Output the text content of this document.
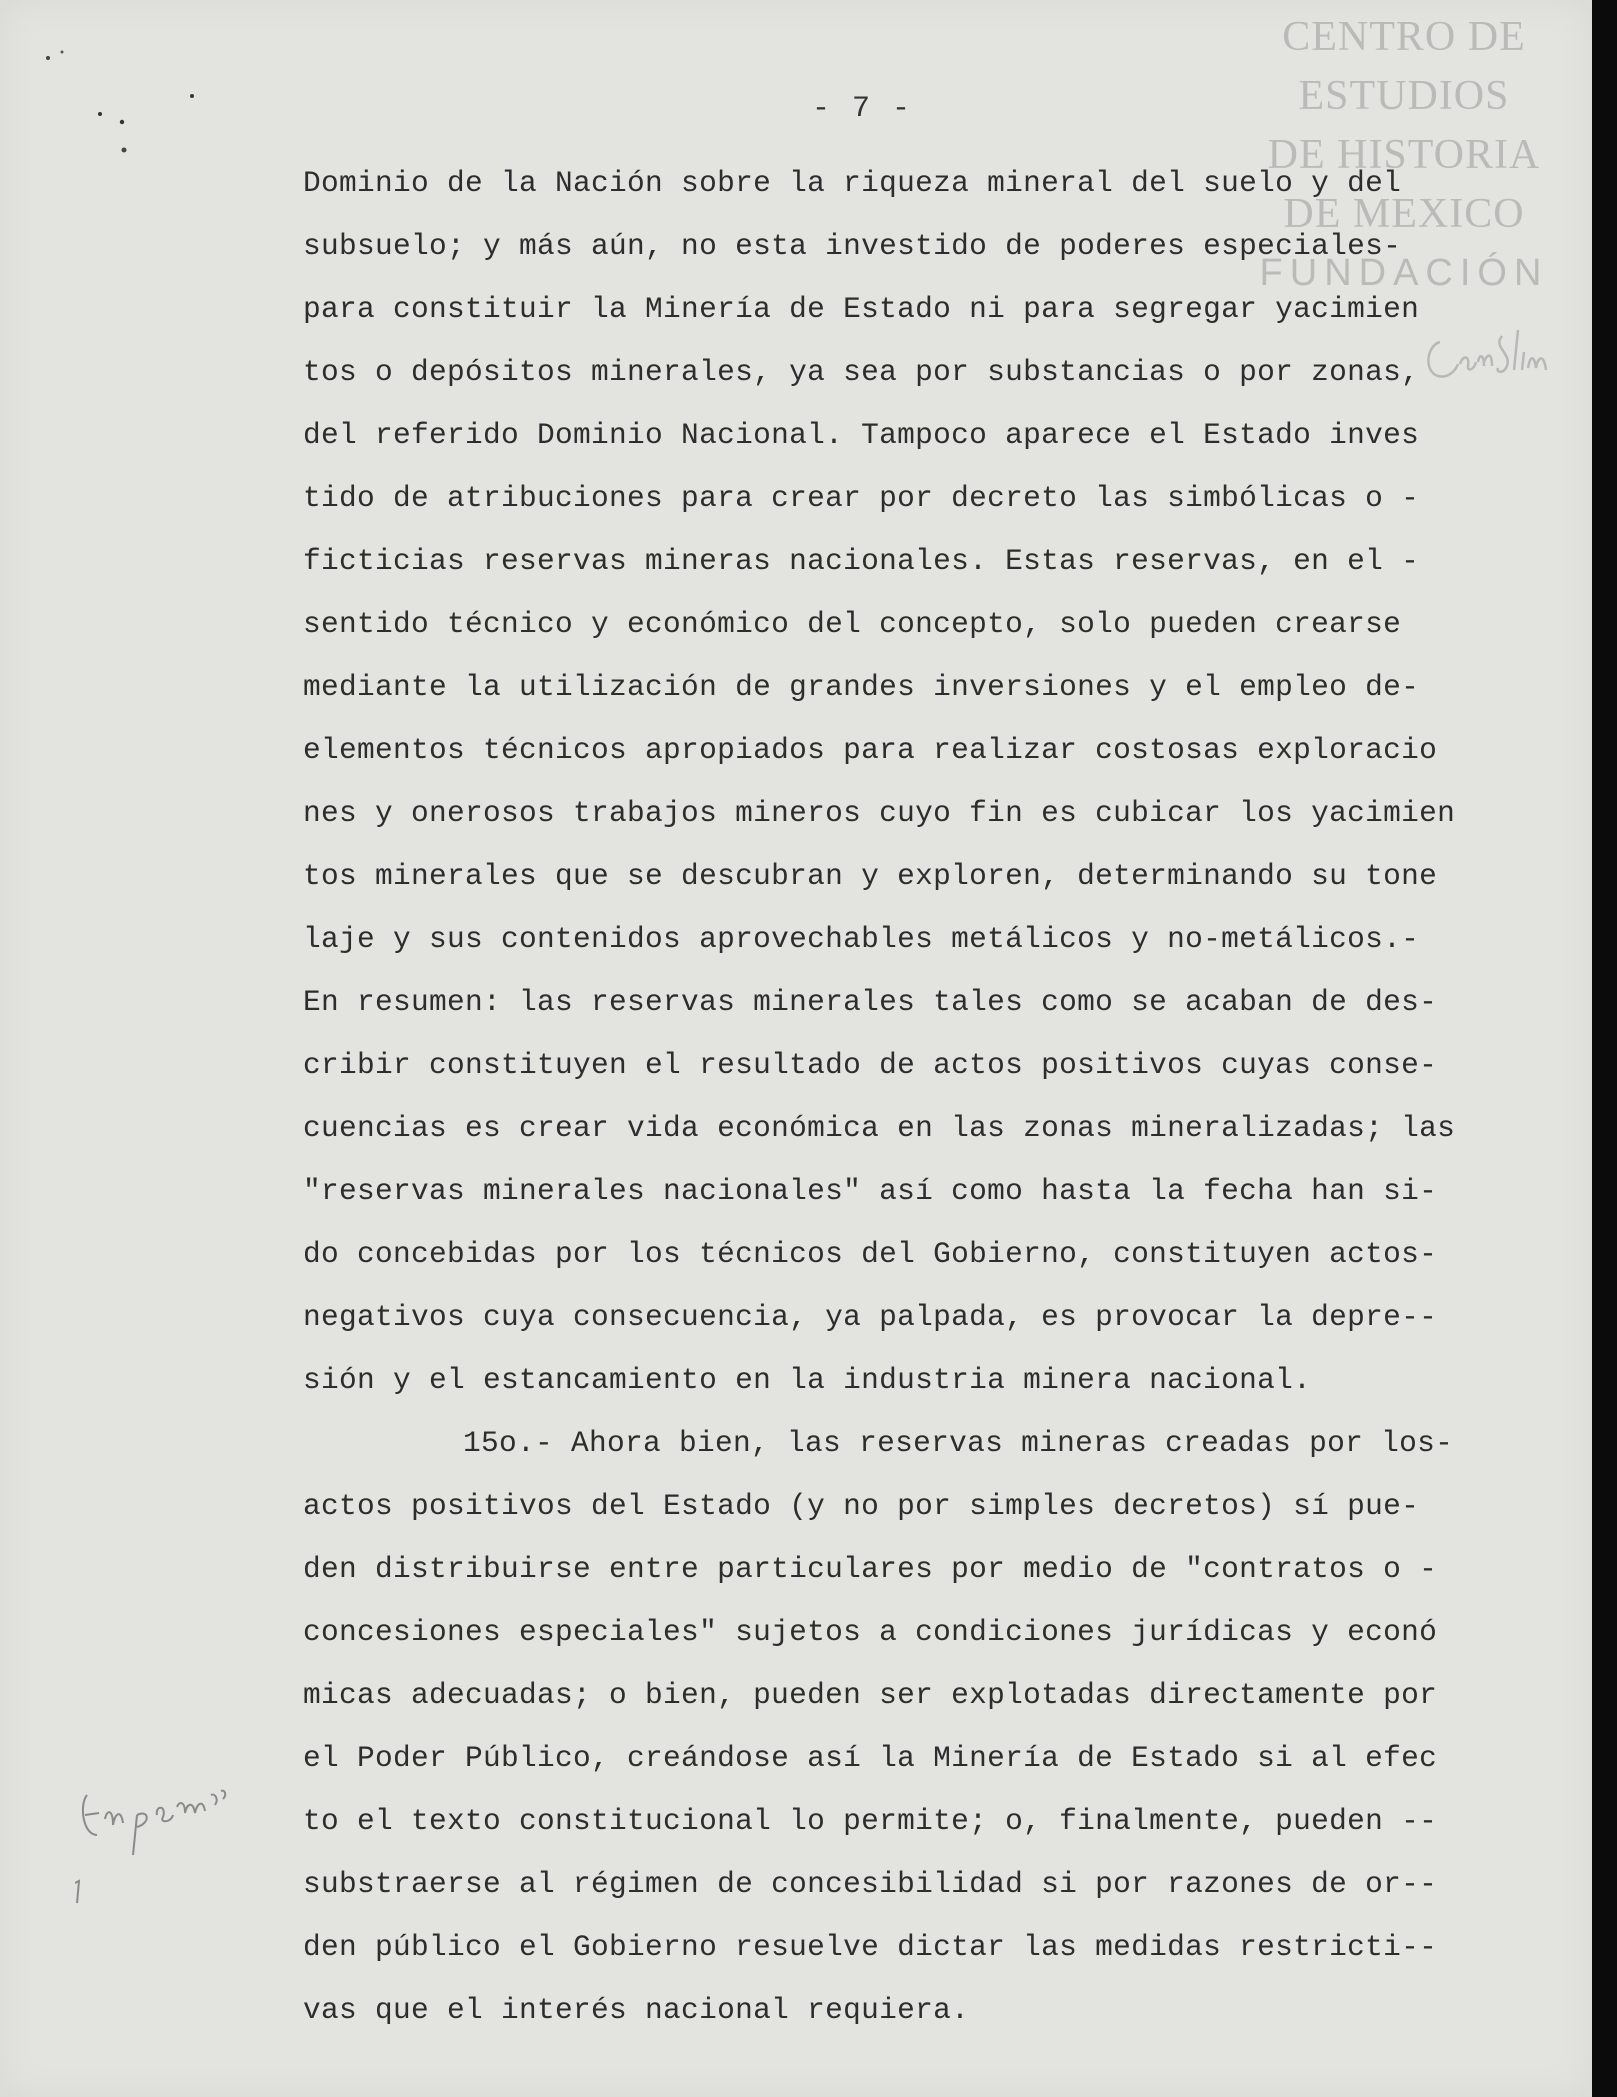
- 7 -
CENTRO DE
ESTUDIOS
DE HISTORIA
DE MEXICO
FUNDACIÓN
Dominio de la Nación sobre la riqueza mineral del suelo y del
subsuelo; y más aún, no esta investido de poderes especiales-
para constituir la Minería de Estado ni para segregar yacimien
tos o depósitos minerales, ya sea por substancias o por zonas,
del referido Dominio Nacional. Tampoco aparece el Estado inves
tido de atribuciones para crear por decreto las simbólicas o -
ficticias reservas mineras nacionales. Estas reservas, en el -
sentido técnico y económico del concepto, solo pueden crearse
mediante la utilización de grandes inversiones y el empleo de-
elementos técnicos apropiados para realizar costosas exploracio
nes y onerosos trabajos mineros cuyo fin es cubicar los yacimien
tos minerales que se descubran y exploren, determinando su tone
laje y sus contenidos aprovechables metálicos y no-metálicos.-
En resumen: las reservas minerales tales como se acaban de des-
cribir constituyen el resultado de actos positivos cuyas conse-
cuencias es crear vida económica en las zonas mineralizadas; las
"reservas minerales nacionales" así como hasta la fecha han si-
do concebidas por los técnicos del Gobierno, constituyen actos-
negativos cuya consecuencia, ya palpada, es provocar la depre--
sión y el estancamiento en la industria minera nacional.
15o.- Ahora bien, las reservas mineras creadas por los-
actos positivos del Estado (y no por simples decretos) sí pue-
den distribuirse entre particulares por medio de "contratos o -
concesiones especiales" sujetos a condiciones jurídicas y econó
micas adecuadas; o bien, pueden ser explotadas directamente por
el Poder Público, creándose así la Minería de Estado si al efec
to el texto constitucional lo permite; o, finalmente, pueden --
substraerse al régimen de concesibilidad si por razones de or--
den público el Gobierno resuelve dictar las medidas restricti--
vas que el interés nacional requiera.
